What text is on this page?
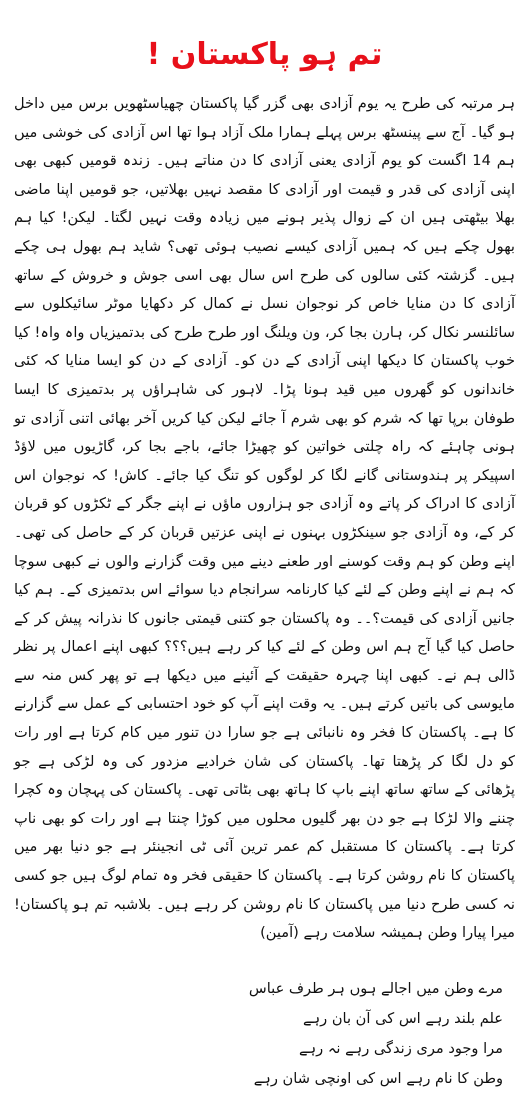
تم ہو پاکستان !

ہر مرتبہ کی طرح یہ یوم آزادی بھی گزر گیا پاکستان چھیاسٹھویں برس میں داخل ہو گیا۔ آج سے پینسٹھ برس پہلے ہمارا ملک آزاد ہوا تھا اس آزادی کی خوشی میں ہم 14 اگست کو یوم آزادی یعنی آزادی کا دن مناتے ہیں۔ زندہ قومیں کبھی بھی اپنی آزادی کی قدر و قیمت اور آزادی کا مقصد نہیں بھلاتیں، جو قومیں اپنا ماضی بھلا بیٹھتی ہیں ان کے زوال پذیر ہونے میں زیادہ وقت نہیں لگتا۔ لیکن! کیا ہم بھول چکے ہیں کہ ہمیں آزادی کیسے نصیب ہوئی تھی؟ شاید ہم بھول ہی چکے ہیں۔ گزشتہ کئی سالوں کی طرح اس سال بھی اسی جوش و خروش کے ساتھ آزادی کا دن منایا خاص کر نوجوان نسل نے کمال کر دکھایا موٹر سائیکلوں سے سائلنسر نکال کر، ہارن بجا کر، ون ویلنگ اور طرح طرح کی بدتمیزیاں واہ واہ! کیا خوب پاکستان کا دیکھا اپنی آزادی کے دن کو۔ آزادی کے دن کو ایسا منایا کہ کئی خاندانوں کو گھروں میں قید ہونا پڑا۔ لاہور کی شاہراؤں پر بدتمیزی کا ایسا طوفان برپا تھا کہ شرم کو بھی شرم آ جائے لیکن کیا کریں آخر بھائی اتنی آزادی تو ہونی چاہئے کہ راہ چلتی خواتین کو چھیڑا جائے، باجے بجا کر، گاڑیوں میں لاؤڈ اسپیکر پر ہندوستانی گانے لگا کر لوگوں کو تنگ کیا جائے۔ کاش! کہ نوجوان اس آزادی کا ادراک کر پاتے وہ آزادی جو ہزاروں ماؤں نے اپنے جگر کے ٹکڑوں کو قربان کر کے، وہ آزادی جو سینکڑوں بہنوں نے اپنی عزتیں قربان کر کے حاصل کی تھی۔ اپنے وطن کو ہم وقت کوسنے اور طعنے دینے میں وقت گزارنے والوں نے کبھی سوچا کہ ہم نے اپنے وطن کے لئے کیا کارنامہ سرانجام دیا سوائے اس بدتمیزی کے۔ ہم کیا جانیں آزادی کی قیمت؟۔۔ وہ پاکستان جو کتنی قیمتی جانوں کا نذرانہ پیش کر کے حاصل کیا گیا آج ہم اس وطن کے لئے کیا کر رہے ہیں؟؟؟ کبھی اپنے اعمال پر نظر ڈالی ہم نے۔ کبھی اپنا چہرہ حقیقت کے آئینے میں دیکھا ہے تو پھر کس منہ سے مایوسی کی باتیں کرتے ہیں۔ یہ وقت اپنے آپ کو خود احتسابی کے عمل سے گزارنے کا ہے۔ پاکستان کا فخر وہ نانبائی ہے جو سارا دن تنور میں کام کرتا ہے اور رات کو دل لگا کر پڑھتا تھا۔ پاکستان کی شان خرادیے مزدور کی وہ لڑکی ہے جو پڑھائی کے ساتھ ساتھ اپنے باپ کا ہاتھ بھی بٹاتی تھی۔ پاکستان کی پہچان وہ کچرا چننے والا لڑکا ہے جو دن بھر گلیوں محلوں میں کوڑا چنتا ہے اور رات کو بھی ناپ کرتا ہے۔ پاکستان کا مستقبل کم عمر ترین آئی ٹی انجینئر ہے جو دنیا بھر میں پاکستان کا نام روشن کرتا ہے۔ پاکستان کا حقیقی فخر وہ تمام لوگ ہیں جو کسی نہ کسی طرح دنیا میں پاکستان کا نام روشن کر رہے ہیں۔ بلاشبہ تم ہو پاکستان! میرا پیارا وطن ہمیشہ سلامت رہے (آمین)

مرے وطن میں اجالے ہوں ہر طرف عباس
علم بلند رہے اس کی آن بان رہے
مرا وجود مری زندگی رہے نہ رہے
وطن کا نام رہے اس کی اونچی شان رہے
